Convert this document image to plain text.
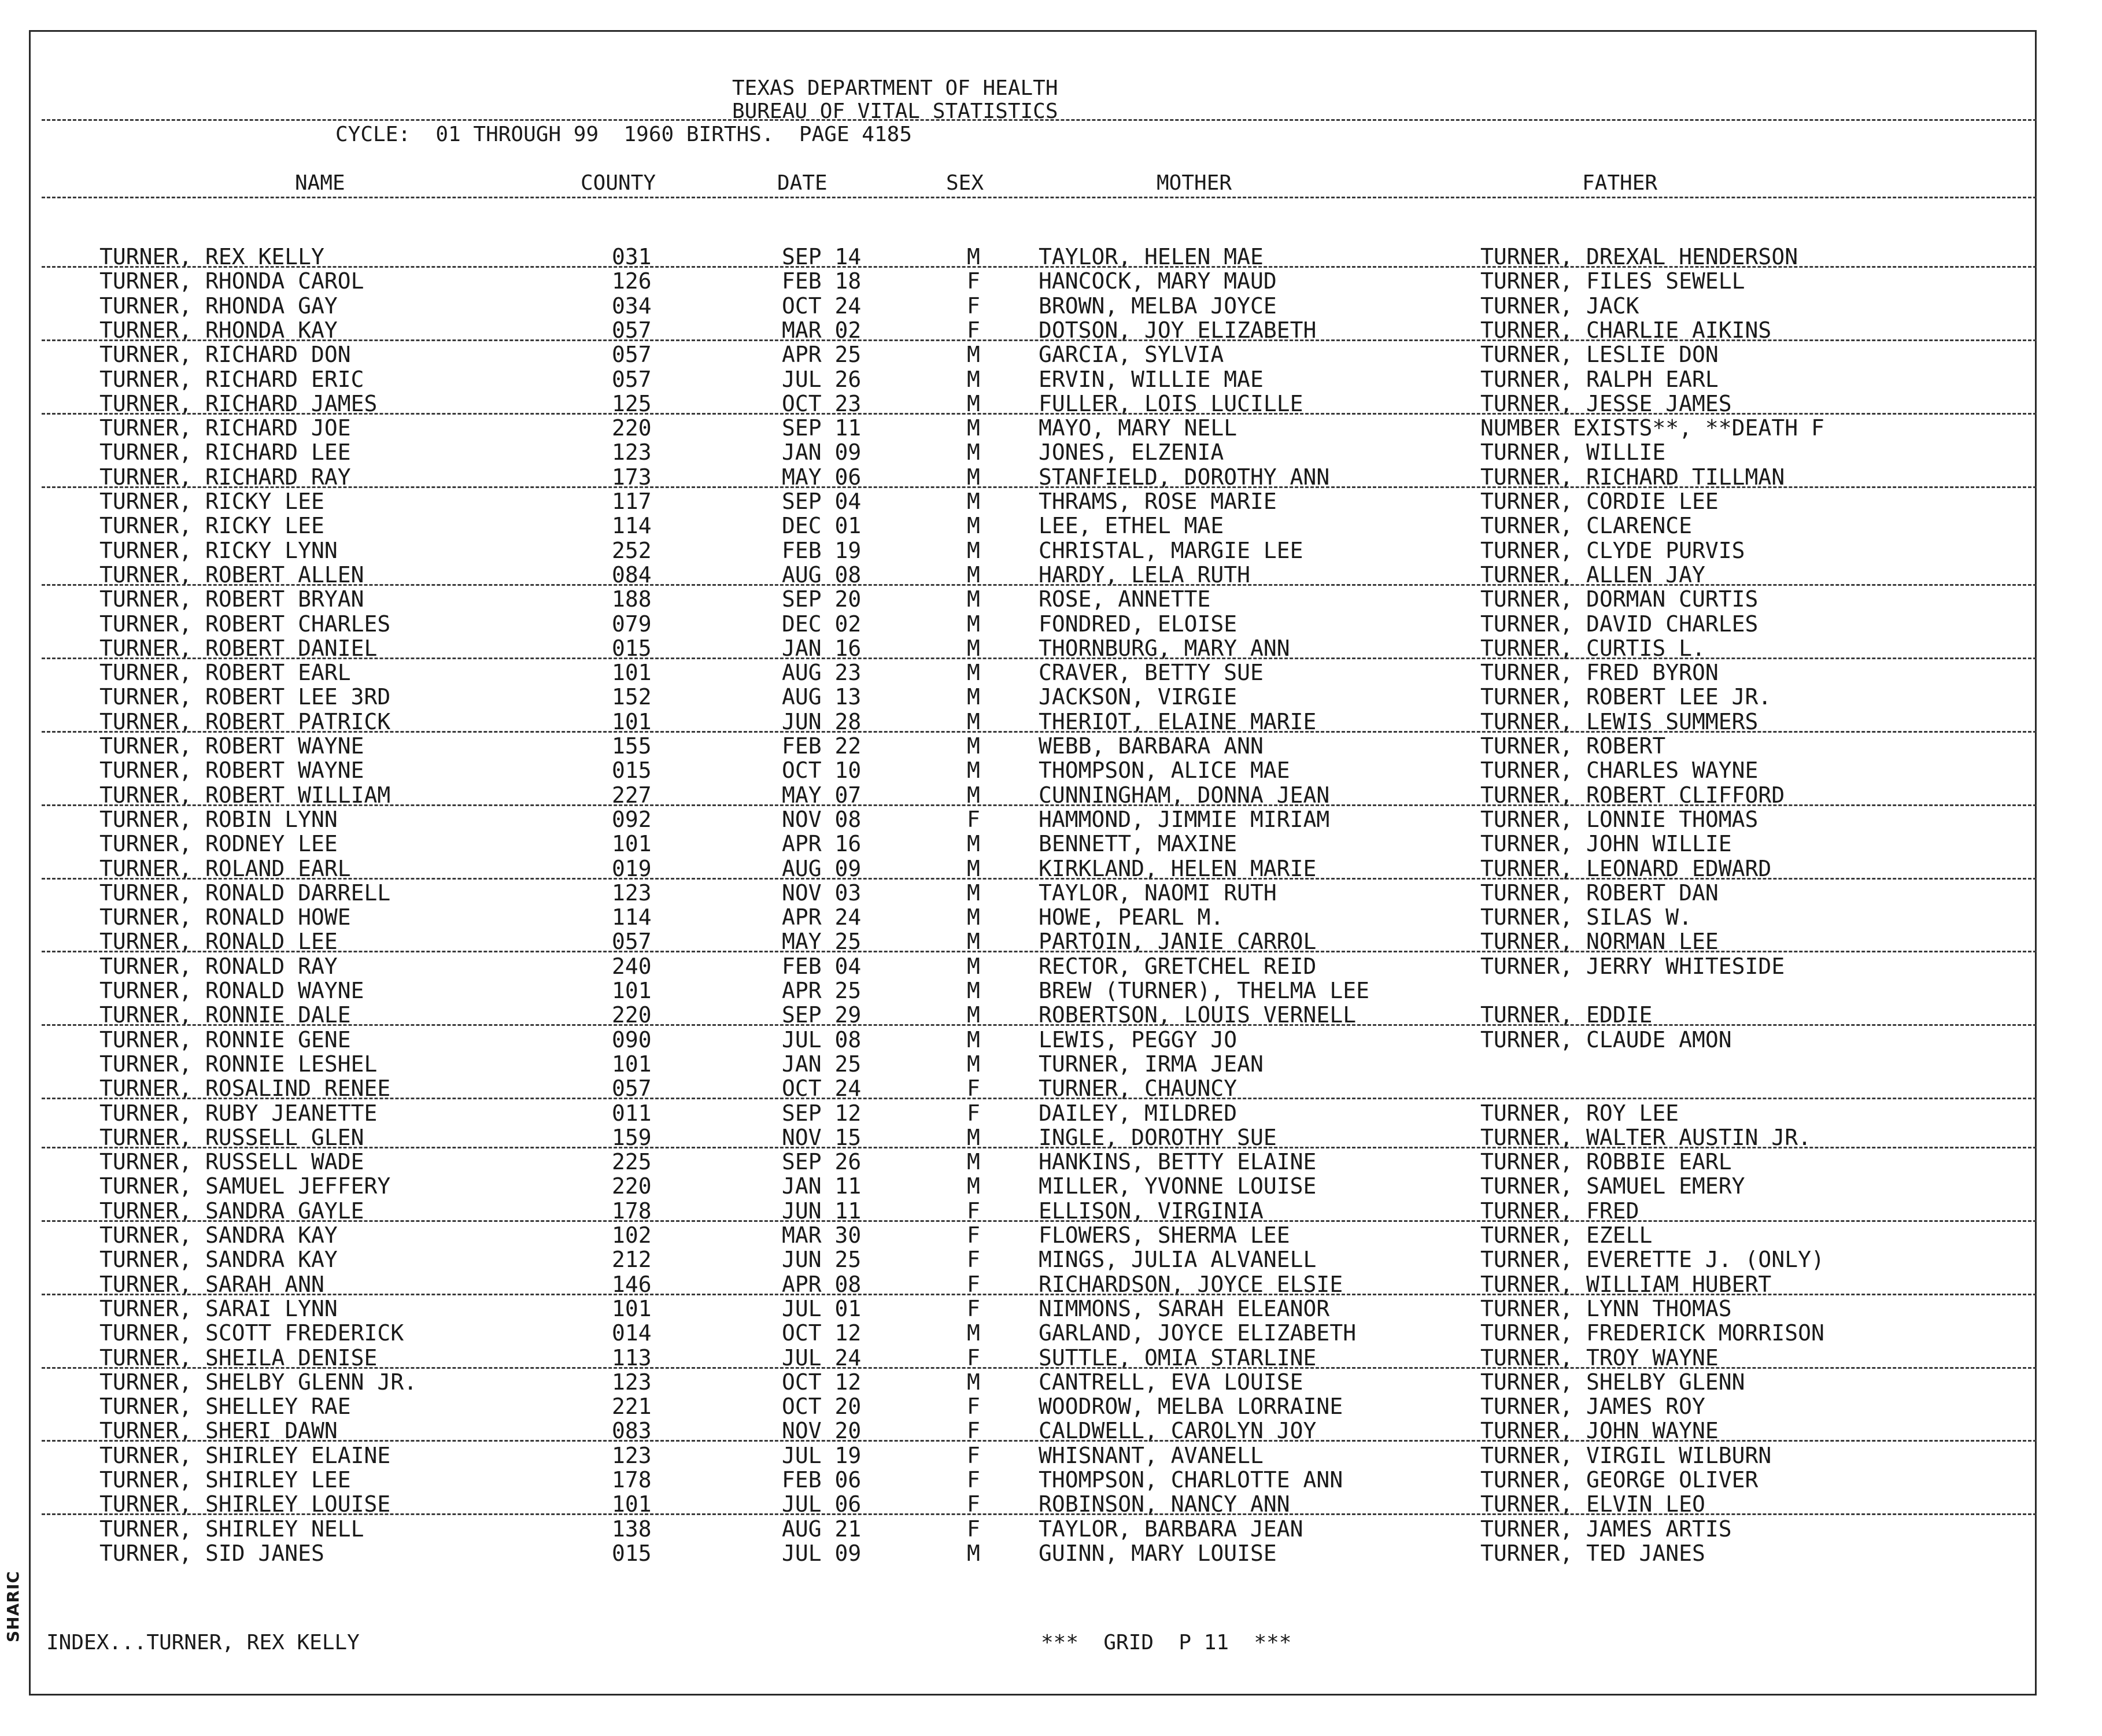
SHARIC
TEXAS DEPARTMENT OF HEALTH
BUREAU OF VITAL STATISTICS
CYCLE:  01 THROUGH 99  1960 BIRTHS.  PAGE 4185
NAME	COUNTY	DATE	SEX	MOTHER	FATHER
TURNER, REX KELLY	031	SEP 14	M	TAYLOR, HELEN MAE	TURNER, DREXAL HENDERSON
TURNER, RHONDA CAROL	126	FEB 18	F	HANCOCK, MARY MAUD	TURNER, FILES SEWELL
TURNER, RHONDA GAY	034	OCT 24	F	BROWN, MELBA JOYCE	TURNER, JACK
TURNER, RHONDA KAY	057	MAR 02	F	DOTSON, JOY ELIZABETH	TURNER, CHARLIE AIKINS
TURNER, RICHARD DON	057	APR 25	M	GARCIA, SYLVIA	TURNER, LESLIE DON
TURNER, RICHARD ERIC	057	JUL 26	M	ERVIN, WILLIE MAE	TURNER, RALPH EARL
TURNER, RICHARD JAMES	125	OCT 23	M	FULLER, LOIS LUCILLE	TURNER, JESSE JAMES
TURNER, RICHARD JOE	220	SEP 11	M	MAYO, MARY NELL	NUMBER EXISTS**, **DEATH F
TURNER, RICHARD LEE	123	JAN 09	M	JONES, ELZENIA	TURNER, WILLIE
TURNER, RICHARD RAY	173	MAY 06	M	STANFIELD, DOROTHY ANN	TURNER, RICHARD TILLMAN
TURNER, RICKY LEE	117	SEP 04	M	THRAMS, ROSE MARIE	TURNER, CORDIE LEE
TURNER, RICKY LEE	114	DEC 01	M	LEE, ETHEL MAE	TURNER, CLARENCE
TURNER, RICKY LYNN	252	FEB 19	M	CHRISTAL, MARGIE LEE	TURNER, CLYDE PURVIS
TURNER, ROBERT ALLEN	084	AUG 08	M	HARDY, LELA RUTH	TURNER, ALLEN JAY
TURNER, ROBERT BRYAN	188	SEP 20	M	ROSE, ANNETTE	TURNER, DORMAN CURTIS
TURNER, ROBERT CHARLES	079	DEC 02	M	FONDRED, ELOISE	TURNER, DAVID CHARLES
TURNER, ROBERT DANIEL	015	JAN 16	M	THORNBURG, MARY ANN	TURNER, CURTIS L.
TURNER, ROBERT EARL	101	AUG 23	M	CRAVER, BETTY SUE	TURNER, FRED BYRON
TURNER, ROBERT LEE 3RD	152	AUG 13	M	JACKSON, VIRGIE	TURNER, ROBERT LEE JR.
TURNER, ROBERT PATRICK	101	JUN 28	M	THERIOT, ELAINE MARIE	TURNER, LEWIS SUMMERS
TURNER, ROBERT WAYNE	155	FEB 22	M	WEBB, BARBARA ANN	TURNER, ROBERT
TURNER, ROBERT WAYNE	015	OCT 10	M	THOMPSON, ALICE MAE	TURNER, CHARLES WAYNE
TURNER, ROBERT WILLIAM	227	MAY 07	M	CUNNINGHAM, DONNA JEAN	TURNER, ROBERT CLIFFORD
TURNER, ROBIN LYNN	092	NOV 08	F	HAMMOND, JIMMIE MIRIAM	TURNER, LONNIE THOMAS
TURNER, RODNEY LEE	101	APR 16	M	BENNETT, MAXINE	TURNER, JOHN WILLIE
TURNER, ROLAND EARL	019	AUG 09	M	KIRKLAND, HELEN MARIE	TURNER, LEONARD EDWARD
TURNER, RONALD DARRELL	123	NOV 03	M	TAYLOR, NAOMI RUTH	TURNER, ROBERT DAN
TURNER, RONALD HOWE	114	APR 24	M	HOWE, PEARL M.	TURNER, SILAS W.
TURNER, RONALD LEE	057	MAY 25	M	PARTOIN, JANIE CARROL	TURNER, NORMAN LEE
TURNER, RONALD RAY	240	FEB 04	M	RECTOR, GRETCHEL REID	TURNER, JERRY WHITESIDE
TURNER, RONALD WAYNE	101	APR 25	M	BREW (TURNER), THELMA LEE
TURNER, RONNIE DALE	220	SEP 29	M	ROBERTSON, LOUIS VERNELL	TURNER, EDDIE
TURNER, RONNIE GENE	090	JUL 08	M	LEWIS, PEGGY JO	TURNER, CLAUDE AMON
TURNER, RONNIE LESHEL	101	JAN 25	M	TURNER, IRMA JEAN
TURNER, ROSALIND RENEE	057	OCT 24	F	TURNER, CHAUNCY
TURNER, RUBY JEANETTE	011	SEP 12	F	DAILEY, MILDRED	TURNER, ROY LEE
TURNER, RUSSELL GLEN	159	NOV 15	M	INGLE, DOROTHY SUE	TURNER, WALTER AUSTIN JR.
TURNER, RUSSELL WADE	225	SEP 26	M	HANKINS, BETTY ELAINE	TURNER, ROBBIE EARL
TURNER, SAMUEL JEFFERY	220	JAN 11	M	MILLER, YVONNE LOUISE	TURNER, SAMUEL EMERY
TURNER, SANDRA GAYLE	178	JUN 11	F	ELLISON, VIRGINIA	TURNER, FRED
TURNER, SANDRA KAY	102	MAR 30	F	FLOWERS, SHERMA LEE	TURNER, EZELL
TURNER, SANDRA KAY	212	JUN 25	F	MINGS, JULIA ALVANELL	TURNER, EVERETTE J. (ONLY)
TURNER, SARAH ANN	146	APR 08	F	RICHARDSON, JOYCE ELSIE	TURNER, WILLIAM HUBERT
TURNER, SARAI LYNN	101	JUL 01	F	NIMMONS, SARAH ELEANOR	TURNER, LYNN THOMAS
TURNER, SCOTT FREDERICK	014	OCT 12	M	GARLAND, JOYCE ELIZABETH	TURNER, FREDERICK MORRISON
TURNER, SHEILA DENISE	113	JUL 24	F	SUTTLE, OMIA STARLINE	TURNER, TROY WAYNE
TURNER, SHELBY GLENN JR.	123	OCT 12	M	CANTRELL, EVA LOUISE	TURNER, SHELBY GLENN
TURNER, SHELLEY RAE	221	OCT 20	F	WOODROW, MELBA LORRAINE	TURNER, JAMES ROY
TURNER, SHERI DAWN	083	NOV 20	F	CALDWELL, CAROLYN JOY	TURNER, JOHN WAYNE
TURNER, SHIRLEY ELAINE	123	JUL 19	F	WHISNANT, AVANELL	TURNER, VIRGIL WILBURN
TURNER, SHIRLEY LEE	178	FEB 06	F	THOMPSON, CHARLOTTE ANN	TURNER, GEORGE OLIVER
TURNER, SHIRLEY LOUISE	101	JUL 06	F	ROBINSON, NANCY ANN	TURNER, ELVIN LEO
TURNER, SHIRLEY NELL	138	AUG 21	F	TAYLOR, BARBARA JEAN	TURNER, JAMES ARTIS
TURNER, SID JANES	015	JUL 09	M	GUINN, MARY LOUISE	TURNER, TED JANES
INDEX...TURNER, REX KELLY	***  GRID  P 11  ***
